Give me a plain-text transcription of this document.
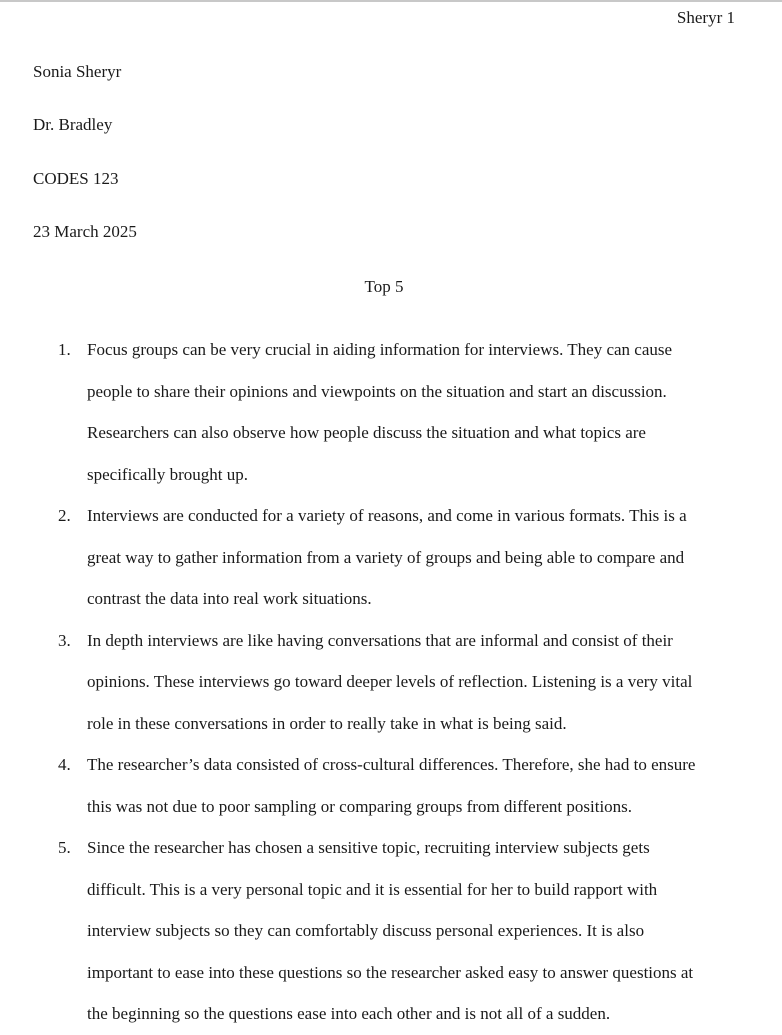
Sheryr 1
Sonia Sheryr
Dr. Bradley
CODES 123
23 March 2025
Top 5
1. Focus groups can be very crucial in aiding information for interviews. They can cause
people to share their opinions and viewpoints on the situation and start an discussion.
Researchers can also observe how people discuss the situation and what topics are
specifically brought up.
2. Interviews are conducted for a variety of reasons, and come in various formats. This is a
great way to gather information from a variety of groups and being able to compare and
contrast the data into real work situations.
3. In depth interviews are like having conversations that are informal and consist of their
opinions. These interviews go toward deeper levels of reflection. Listening is a very vital
role in these conversations in order to really take in what is being said.
4. The researcher’s data consisted of cross-cultural differences. Therefore, she had to ensure
this was not due to poor sampling or comparing groups from different positions.
5. Since the researcher has chosen a sensitive topic, recruiting interview subjects gets
difficult. This is a very personal topic and it is essential for her to build rapport with
interview subjects so they can comfortably discuss personal experiences. It is also
important to ease into these questions so the researcher asked easy to answer questions at
the beginning so the questions ease into each other and is not all of a sudden.
